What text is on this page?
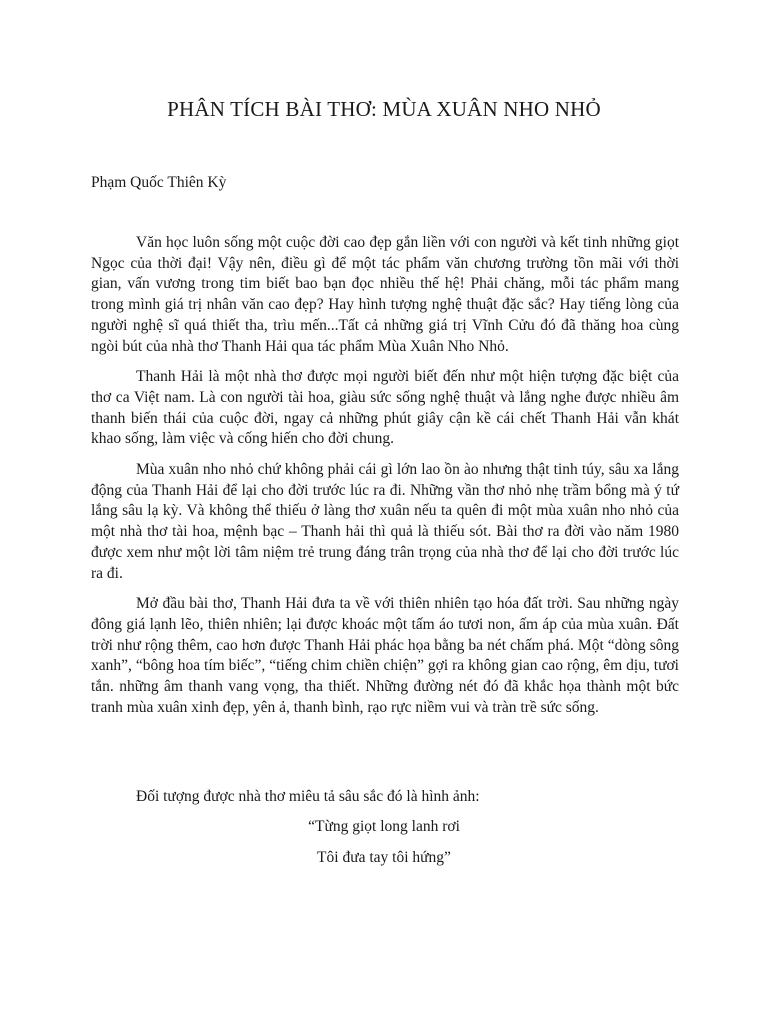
PHÂN TÍCH BÀI THƠ: MÙA XUÂN NHO NHỎ
Phạm Quốc Thiên Kỳ

Văn học luôn sống một cuộc đời cao đẹp gắn liền với con người và kết tinh những giọt Ngọc của thời đại! Vậy nên, điều gì để một tác phẩm văn chương trường tồn mãi với thời gian, vấn vương trong tim biết bao bạn đọc nhiều thế hệ! Phải chăng, mỗi tác phẩm mang trong mình giá trị nhân văn cao đẹp? Hay hình tượng nghệ thuật đặc sắc? Hay tiếng lòng của người nghệ sĩ quá thiết tha, trìu mến...Tất cả những giá trị Vĩnh Cửu đó đã thăng hoa cùng ngòi bút của nhà thơ Thanh Hải qua tác phẩm Mùa Xuân Nho Nhỏ.

Thanh Hải là một nhà thơ được mọi người biết đến như một hiện tượng đặc biệt của thơ ca Việt nam. Là con người tài hoa, giàu sức sống nghệ thuật và lắng nghe được nhiều âm thanh biến thái của cuộc đời, ngay cả những phút giây cận kề cái chết Thanh Hải vẫn khát khao sống, làm việc và cống hiến cho đời chung.

Mùa xuân nho nhỏ chứ không phải cái gì lớn lao ồn ào nhưng thật tinh túy, sâu xa lắng động của Thanh Hải để lại cho đời trước lúc ra đi. Những vần thơ nhỏ nhẹ trầm bổng mà ý tứ lắng sâu lạ kỳ. Và không thể thiếu ở làng thơ xuân nếu ta quên đi một mùa xuân nho nhỏ của một nhà thơ tài hoa, mệnh bạc – Thanh hải thì quả là thiếu sót. Bài thơ ra đời vào năm 1980 được xem như một lời tâm niệm trẻ trung đáng trân trọng của nhà thơ để lại cho đời trước lúc ra đi.

Mở đầu bài thơ, Thanh Hải đưa ta về với thiên nhiên tạo hóa đất trời. Sau những ngày đông giá lạnh lẽo, thiên nhiên; lại được khoác một tấm áo tươi non, ấm áp của mùa xuân. Đất trời như rộng thêm, cao hơn được Thanh Hải phác họa bằng ba nét chấm phá. Một “dòng sông xanh”, “bông hoa tím biếc”, “tiếng chim chiền chiện” gợi ra không gian cao rộng, êm dịu, tươi tắn. những âm thanh vang vọng, tha thiết. Những đường nét đó đã khắc họa thành một bức tranh mùa xuân xinh đẹp, yên ả, thanh bình, rạo rực niềm vui và tràn trề sức sống.

Đối tượng được nhà thơ miêu tả sâu sắc đó là hình ảnh:
“Từng giọt long lanh rơi
Tôi đưa tay tôi hứng”
